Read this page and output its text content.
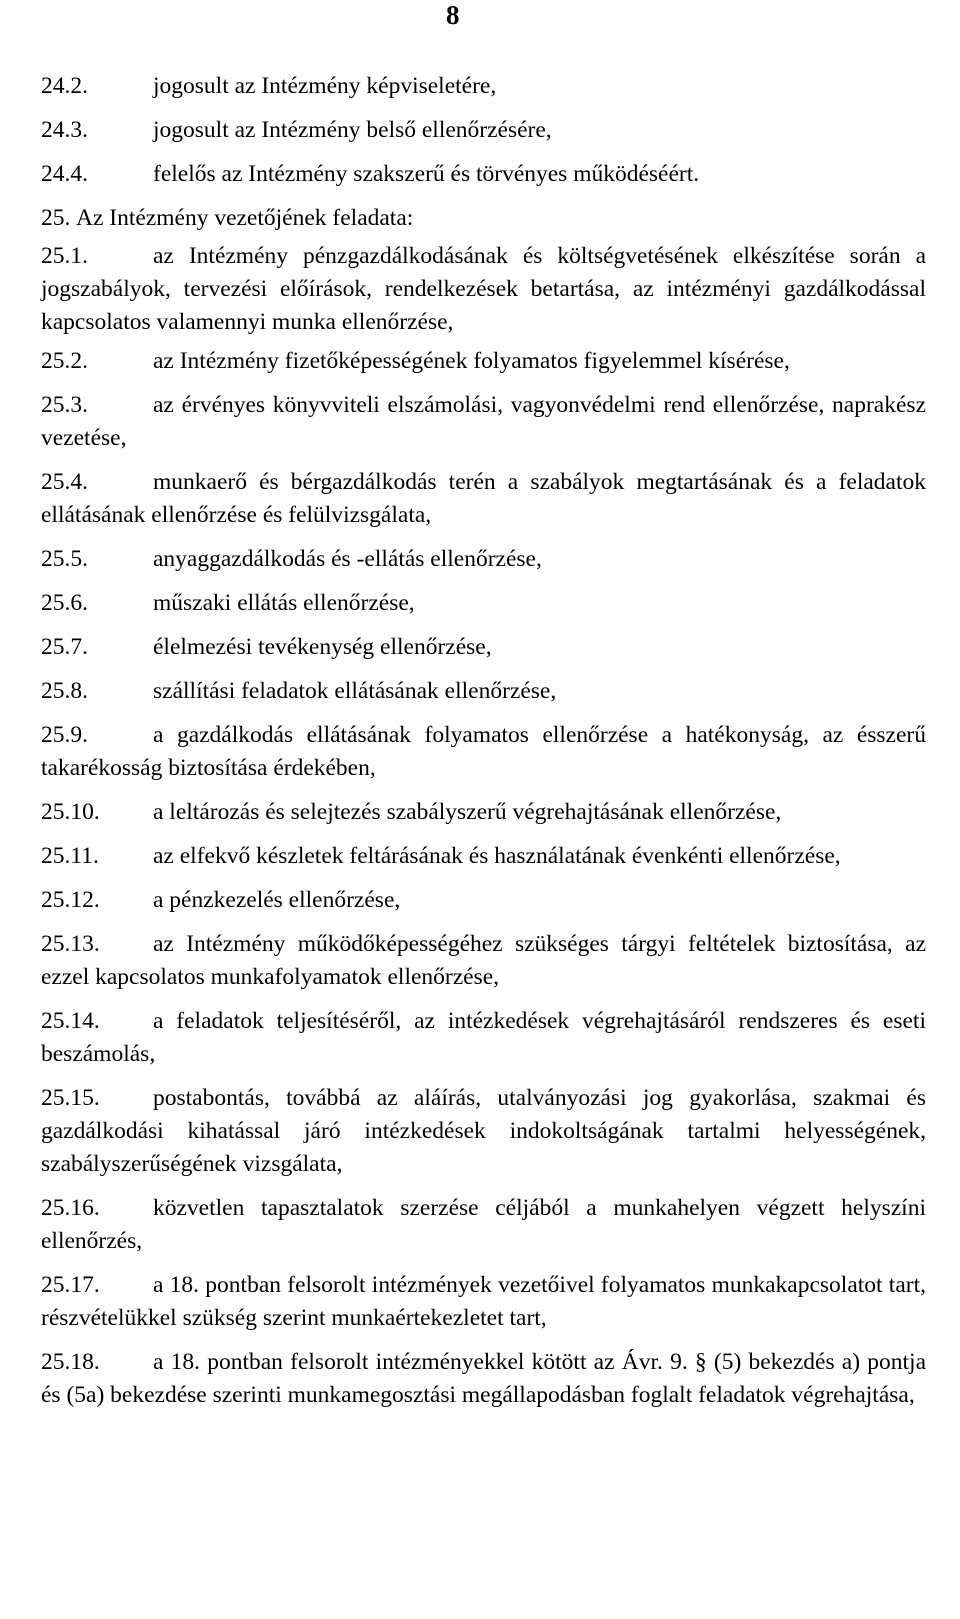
8
24.2.	jogosult az Intézmény képviseletére,
24.3.	jogosult az Intézmény belső ellenőrzésére,
24.4.	felelős az Intézmény szakszerű és törvényes működéséért.
25. Az Intézmény vezetőjének feladata:
25.1.	az Intézmény pénzgazdálkodásának és költségvetésének elkészítése során a jogszabályok, tervezési előírások, rendelkezések betartása, az intézményi gazdálkodással kapcsolatos valamennyi munka ellenőrzése,
25.2.	az Intézmény fizetőképességének folyamatos figyelemmel kísérése,
25.3.	az érvényes könyvviteli elszámolási, vagyonvédelmi rend ellenőrzése, naprakész vezetése,
25.4.	munkaerő és bérgazdálkodás terén a szabályok megtartásának és a feladatok ellátásának ellenőrzése és felülvizsgálata,
25.5.	anyaggazdálkodás és -ellátás ellenőrzése,
25.6.	műszaki ellátás ellenőrzése,
25.7.	élelmezési tevékenység ellenőrzése,
25.8.	szállítási feladatok ellátásának ellenőrzése,
25.9.	a gazdálkodás ellátásának folyamatos ellenőrzése a hatékonyság, az ésszerű takarékosság biztosítása érdekében,
25.10. a leltározás és selejtezés szabályszerű végrehajtásának ellenőrzése,
25.11. az elfekvő készletek feltárásának és használatának évenkénti ellenőrzése,
25.12. a pénzkezelés ellenőrzése,
25.13. az Intézmény működőképességéhez szükséges tárgyi feltételek biztosítása, az ezzel kapcsolatos munkafolyamatok ellenőrzése,
25.14. a feladatok teljesítéséről, az intézkedések végrehajtásáról rendszeres és eseti beszámolás,
25.15. postabontás, továbbá az aláírás, utalványozási jog gyakorlása, szakmai és gazdálkodási kihatással járó intézkedések indokoltságának tartalmi helyességének, szabályszerűségének vizsgálata,
25.16. közvetlen tapasztalatok szerzése céljából a munkahelyen végzett helyszíni ellenőrzés,
25.17. a 18. pontban felsorolt intézmények vezetőivel folyamatos munkakapcsolatot tart, részvételükkel szükség szerint munkaértekezletet tart,
25.18. a 18. pontban felsorolt intézményekkel kötött az Ávr. 9. § (5) bekezdés a) pontja és (5a) bekezdése szerinti munkamegosztási megállapodásban foglalt feladatok végrehajtása,
